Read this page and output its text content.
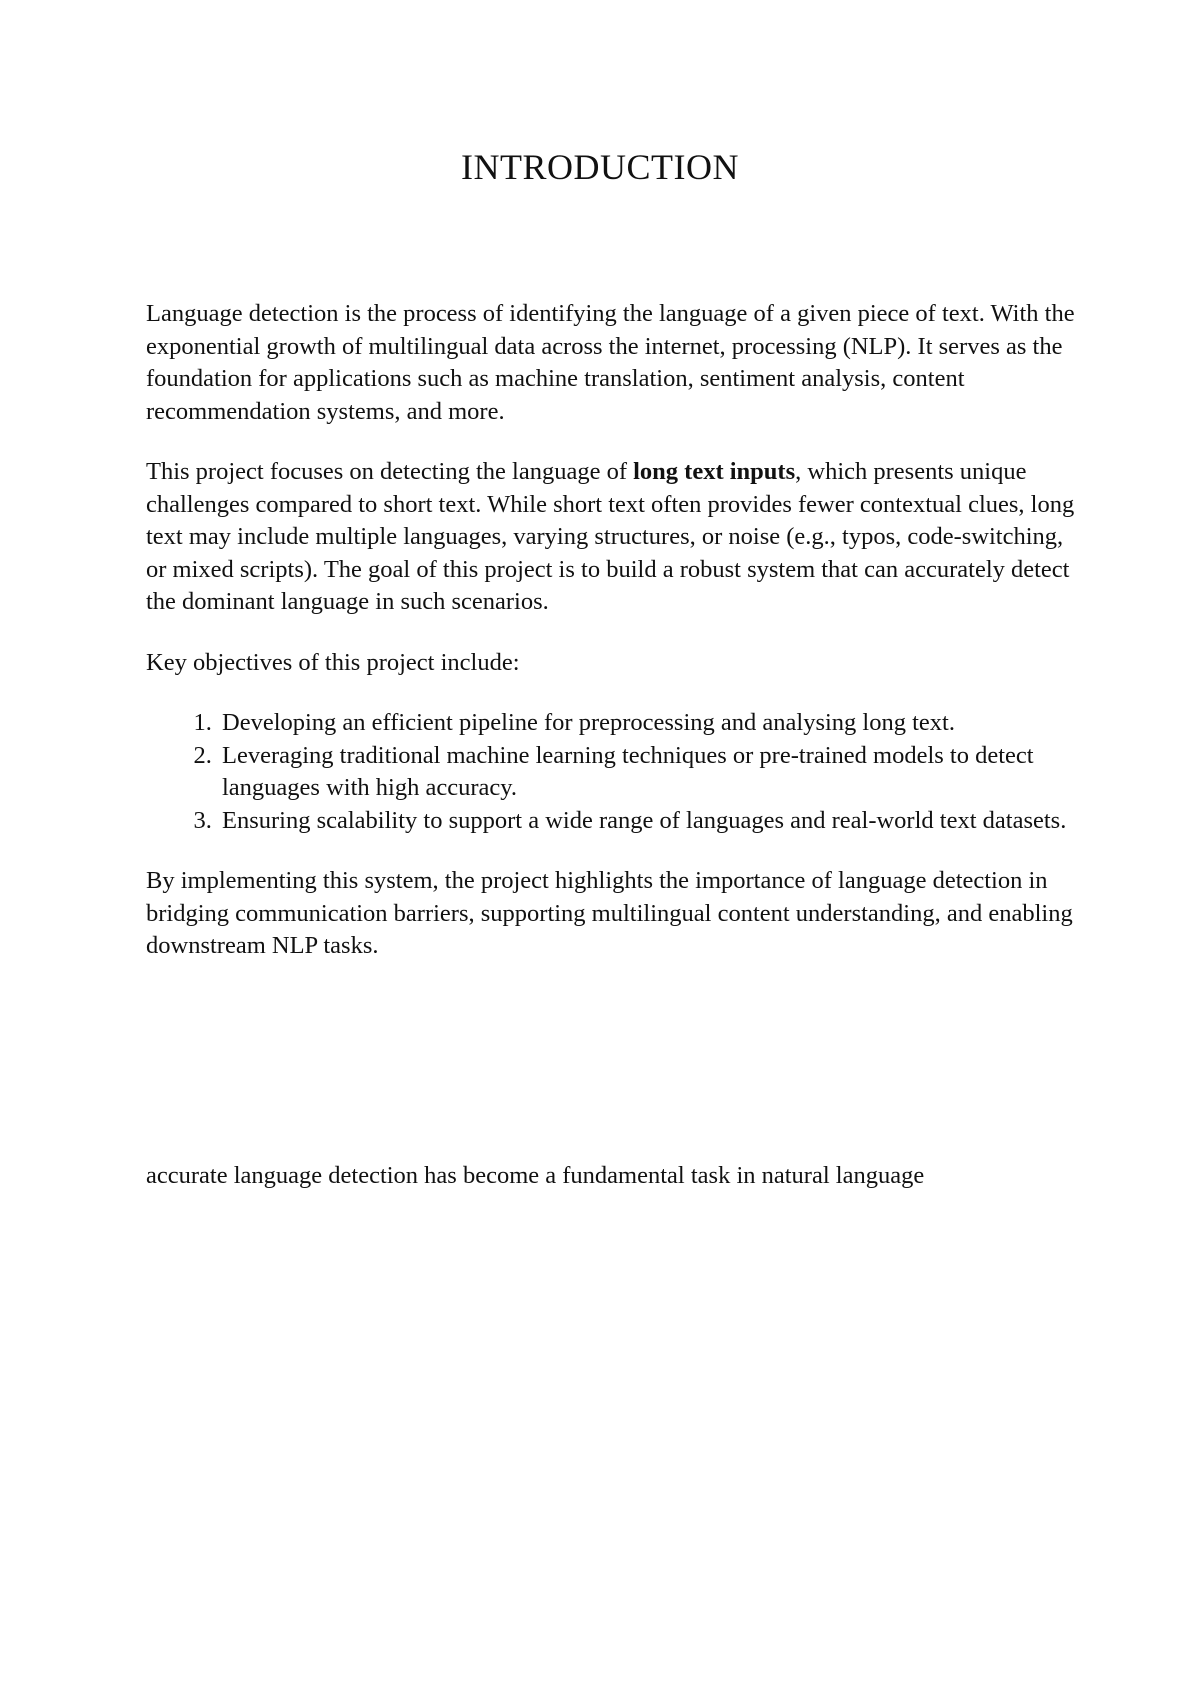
INTRODUCTION

Language detection is the process of identifying the language of a given piece of text. With the exponential growth of multilingual data across the internet, processing (NLP). It serves as the foundation for applications such as machine translation, sentiment analysis, content recommendation systems, and more.

This project focuses on detecting the language of long text inputs, which presents unique challenges compared to short text. While short text often provides fewer contextual clues, long text may include multiple languages, varying structures, or noise (e.g., typos, code-switching, or mixed scripts). The goal of this project is to build a robust system that can accurately detect the dominant language in such scenarios.

Key objectives of this project include:

1. Developing an efficient pipeline for preprocessing and analysing long text.
2. Leveraging traditional machine learning techniques or pre-trained models to detect languages with high accuracy.
3. Ensuring scalability to support a wide range of languages and real-world text datasets.

By implementing this system, the project highlights the importance of language detection in bridging communication barriers, supporting multilingual content understanding, and enabling downstream NLP tasks.

accurate language detection has become a fundamental task in natural language
